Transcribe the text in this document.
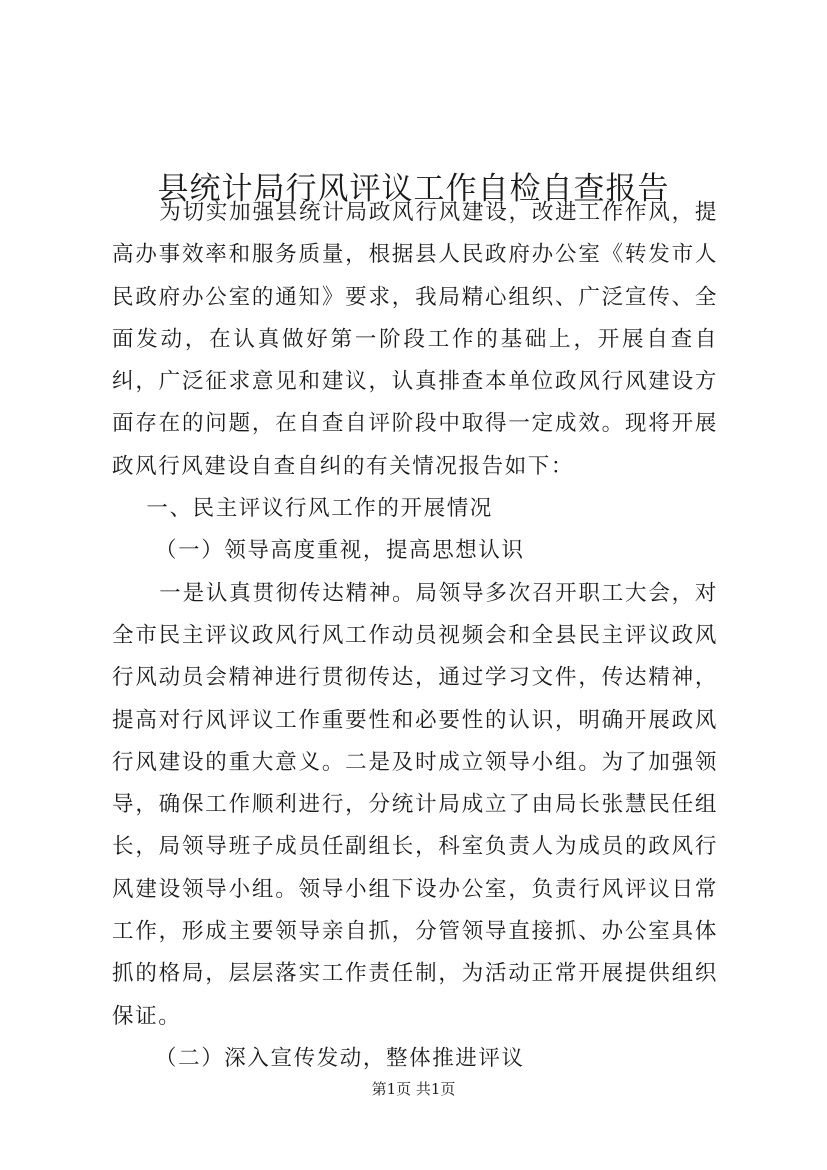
县统计局行风评议工作自检自查报告

为切实加强县统计局政风行风建设，改进工作作风，提高办事效率和服务质量，根据县人民政府办公室《转发市人民政府办公室的通知》要求，我局精心组织、广泛宣传、全面发动，在认真做好第一阶段工作的基础上，开展自查自纠，广泛征求意见和建议，认真排查本单位政风行风建设方面存在的问题，在自查自评阶段中取得一定成效。现将开展政风行风建设自查自纠的有关情况报告如下：

一、民主评议行风工作的开展情况

（一）领导高度重视，提高思想认识

一是认真贯彻传达精神。局领导多次召开职工大会，对全市民主评议政风行风工作动员视频会和全县民主评议政风行风动员会精神进行贯彻传达，通过学习文件，传达精神，提高对行风评议工作重要性和必要性的认识，明确开展政风行风建设的重大意义。二是及时成立领导小组。为了加强领导，确保工作顺利进行，分统计局成立了由局长张慧民任组长，局领导班子成员任副组长，科室负责人为成员的政风行风建设领导小组。领导小组下设办公室，负责行风评议日常工作，形成主要领导亲自抓，分管领导直接抓、办公室具体抓的格局，层层落实工作责任制，为活动正常开展提供组织保证。

（二）深入宣传发动，整体推进评议

第1页 共1页
